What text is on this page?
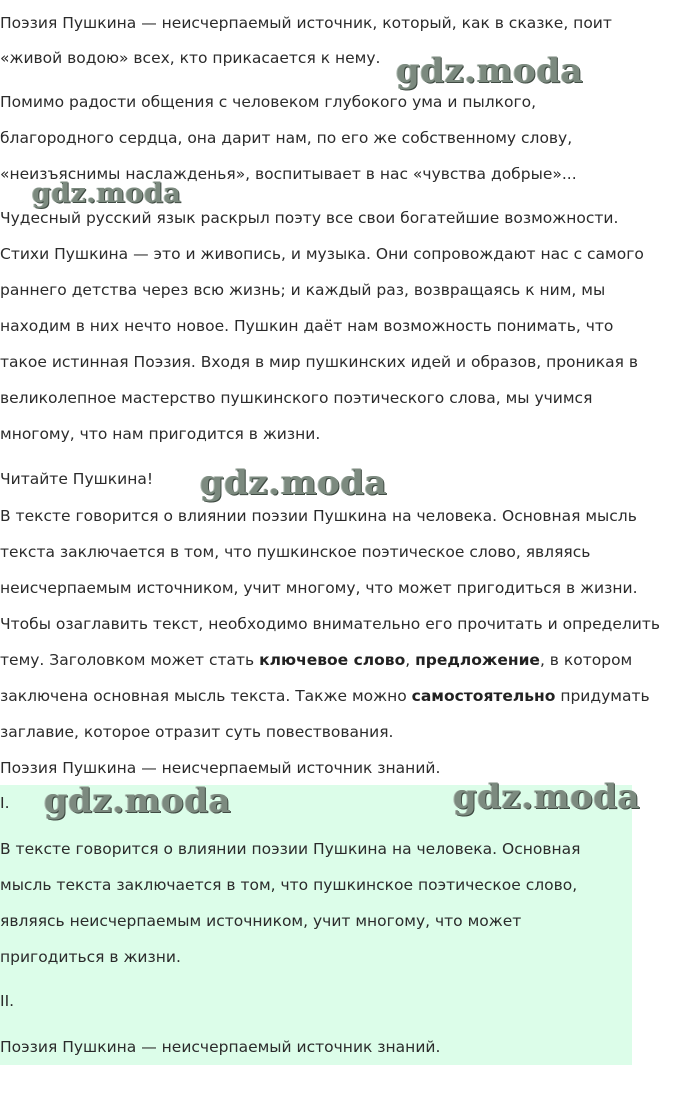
Поэзия Пушкина — неисчерпаемый источник, который, как в сказке, поит
«живой водою» всех, кто прикасается к нему.
Помимо радости общения с человеком глубокого ума и пылкого,
благородного сердца, она дарит нам, по его же собственному слову,
«неизъяснимы наслажденья», воспитывает в нас «чувства добрые»...
Чудесный русский язык раскрыл поэту все свои богатейшие возможности.
Стихи Пушкина — это и живопись, и музыка. Они сопровождают нас с самого
раннего детства через всю жизнь; и каждый раз, возвращаясь к ним, мы
находим в них нечто новое. Пушкин даёт нам возможность понимать, что
такое истинная Поэзия. Входя в мир пушкинских идей и образов, проникая в
великолепное мастерство пушкинского поэтического слова, мы учимся
многому, что нам пригодится в жизни.
Читайте Пушкина!
В тексте говорится о влиянии поэзии Пушкина на человека. Основная мысль
текста заключается в том, что пушкинское поэтическое слово, являясь
неисчерпаемым источником, учит многому, что может пригодиться в жизни.
Чтобы озаглавить текст, необходимо внимательно его прочитать и определить
тему. Заголовком может стать ключевое слово, предложение, в котором
заключена основная мысль текста. Также можно самостоятельно придумать
заглавие, которое отразит суть повествования.
Поэзия Пушкина — неисчерпаемый источник знаний.
I.
В тексте говорится о влиянии поэзии Пушкина на человека. Основная
мысль текста заключается в том, что пушкинское поэтическое слово,
являясь неисчерпаемым источником, учит многому, что может
пригодиться в жизни.
II.
Поэзия Пушкина — неисчерпаемый источник знаний.
gdz.moda
gdz.moda
gdz.moda
gdz.moda	gdz.moda
